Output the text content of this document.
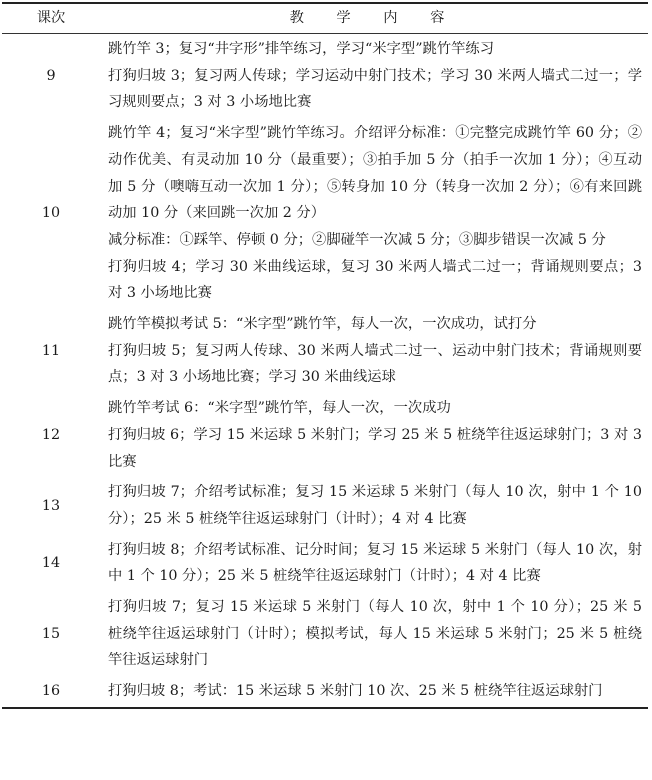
课次	教 学 内 容
9	跳竹竿 3；复习“井字形”排竿练习，学习“米字型”跳竹竿练习

打狗归坡 3；复习两人传球；学习运动中射门技术；学习 30 米两人墙式二过一；学习规则要点；3 对 3 小场地比赛

10	跳竹竿 4；复习“米字型”跳竹竿练习。介绍评分标准：①完整完成跳竹竿 60 分；②动作优美、有灵动加 10 分（最重要）；③拍手加 5 分（拍手一次加 1 分）；④互动加 5 分（噢嗨互动一次加 1 分）；⑤转身加 10 分（转身一次加 2 分）；⑥有来回跳动加 10 分（来回跳一次加 2 分）

减分标准：①踩竿、停顿 0 分；②脚碰竿一次减 5 分；③脚步错误一次减 5 分

打狗归坡 4；学习 30 米曲线运球，复习 30 米两人墙式二过一；背诵规则要点；3 对 3 小场地比赛

11	跳竹竿模拟考试 5：“米字型”跳竹竿，每人一次，一次成功，试打分

打狗归坡 5；复习两人传球、30 米两人墙式二过一、运动中射门技术；背诵规则要点；3 对 3 小场地比赛；学习 30 米曲线运球

12	跳竹竿考试 6：“米字型”跳竹竿，每人一次，一次成功

打狗归坡 6；学习 15 米运球 5 米射门；学习 25 米 5 桩绕竿往返运球射门；3 对 3 比赛

13	打狗归坡 7；介绍考试标准；复习 15 米运球 5 米射门（每人 10 次，射中 1 个 10 分）；25 米 5 桩绕竿往返运球射门（计时）；4 对 4 比赛

14	打狗归坡 8；介绍考试标准、记分时间；复习 15 米运球 5 米射门（每人 10 次，射中 1 个 10 分）；25 米 5 桩绕竿往返运球射门（计时）；4 对 4 比赛

15	打狗归坡 7；复习 15 米运球 5 米射门（每人 10 次，射中 1 个 10 分）；25 米 5 桩绕竿往返运球射门（计时）；模拟考试，每人 15 米运球 5 米射门；25 米 5 桩绕竿往返运球射门

16	打狗归坡 8；考试：15 米运球 5 米射门 10 次、25 米 5 桩绕竿往返运球射门
